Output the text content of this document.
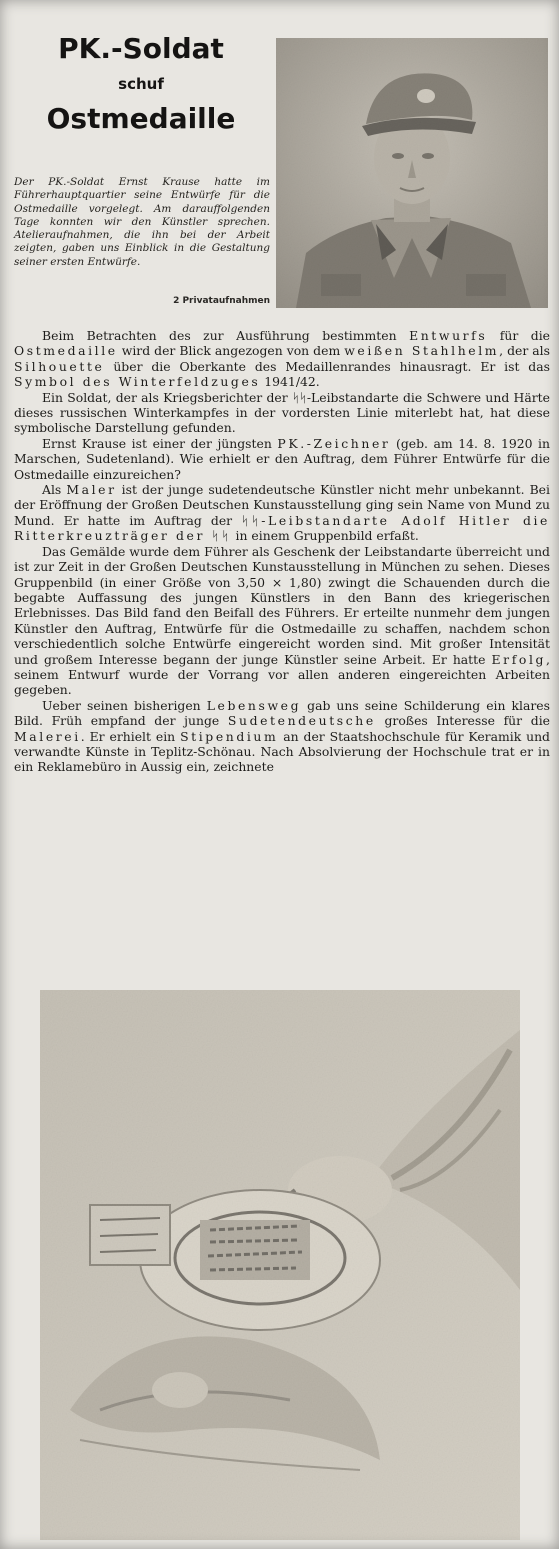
PK.-Soldat
schuf
Ostmedaille
Der PK.-Soldat Ernst Krause hatte im Führerhauptquartier seine Entwürfe für die Ostmedaille vorgelegt. Am darauffolgenden Tage konnten wir den Künstler sprechen. Atelieraufnahmen, die ihn bei der Arbeit zeigten, gaben uns Einblick in die Gestaltung seiner ersten Entwürfe.
2 Privataufnahmen

Beim Betrachten des zur Ausführung bestimmten Entwurfs für die Ostmedaille wird der Blick angezogen von dem weißen Stahlhelm, der als Silhouette über die Oberkante des Medaillenrandes hinausragt. Er ist das Symbol des Winterfeldzuges 1941/42.

Ein Soldat, der als Kriegsberichter der ᛋᛋ-Leibstandarte die Schwere und Härte dieses russischen Winterkampfes in der vordersten Linie miterlebt hat, hat diese symbolische Darstellung gefunden.

Ernst Krause ist einer der jüngsten PK.-Zeichner (geb. am 14. 8. 1920 in Marschen, Sudetenland). Wie erhielt er den Auftrag, dem Führer Entwürfe für die Ostmedaille einzureichen?

Als Maler ist der junge sudetendeutsche Künstler nicht mehr unbekannt. Bei der Eröffnung der Großen Deutschen Kunstausstellung ging sein Name von Mund zu Mund. Er hatte im Auftrag der ᛋᛋ-Leibstandarte Adolf Hitler die Ritterkreuzträger der ᛋᛋ in einem Gruppenbild erfaßt.

Das Gemälde wurde dem Führer als Geschenk der Leibstandarte überreicht und ist zur Zeit in der Großen Deutschen Kunstausstellung in München zu sehen. Dieses Gruppenbild (in einer Größe von 3,50 × 1,80) zwingt die Schauenden durch die begabte Auffassung des jungen Künstlers in den Bann des kriegerischen Erlebnisses. Das Bild fand den Beifall des Führers. Er erteilte nunmehr dem jungen Künstler den Auftrag, Entwürfe für die Ostmedaille zu schaffen, nachdem schon verschiedentlich solche Entwürfe eingereicht worden sind. Mit großer Intensität und großem Interesse begann der junge Künstler seine Arbeit. Er hatte Erfolg, seinem Entwurf wurde der Vorrang vor allen anderen eingereichten Arbeiten gegeben.

Ueber seinen bisherigen Lebensweg gab uns seine Schilderung ein klares Bild. Früh empfand der junge Sudetendeutsche großes Interesse für die Malerei. Er erhielt ein Stipendium an der Staatshochschule für Keramik und verwandte Künste in Teplitz-Schönau. Nach Absolvierung der Hochschule trat er in ein Reklamebüro in Aussig ein, zeichnete
